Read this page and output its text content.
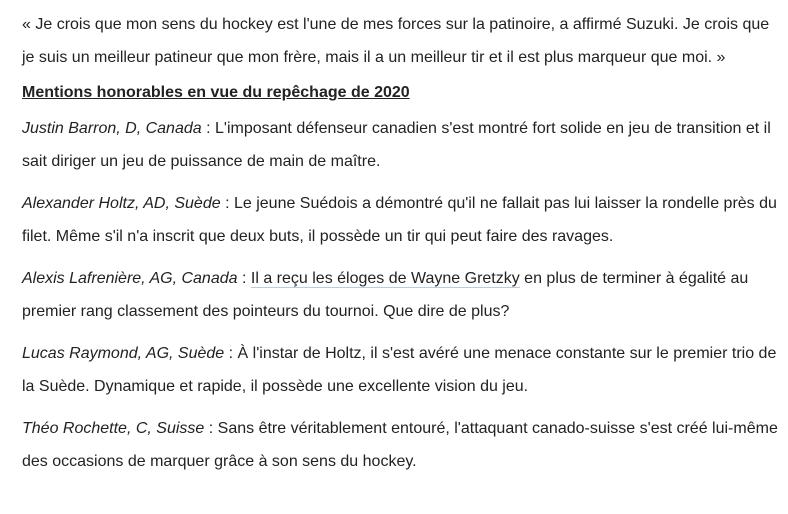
« Je crois que mon sens du hockey est l'une de mes forces sur la patinoire, a affirmé Suzuki. Je crois que je suis un meilleur patineur que mon frère, mais il a un meilleur tir et il est plus marqueur que moi. »

Mentions honorables en vue du repêchage de 2020

Justin Barron, D, Canada : L'imposant défenseur canadien s'est montré fort solide en jeu de transition et il sait diriger un jeu de puissance de main de maître.

Alexander Holtz, AD, Suède : Le jeune Suédois a démontré qu'il ne fallait pas lui laisser la rondelle près du filet. Même s'il n'a inscrit que deux buts, il possède un tir qui peut faire des ravages.

Alexis Lafrenière, AG, Canada : Il a reçu les éloges de Wayne Gretzky en plus de terminer à égalité au premier rang classement des pointeurs du tournoi. Que dire de plus?

Lucas Raymond, AG, Suède : À l'instar de Holtz, il s'est avéré une menace constante sur le premier trio de la Suède. Dynamique et rapide, il possède une excellente vision du jeu.

Théo Rochette, C, Suisse : Sans être véritablement entouré, l'attaquant canado-suisse s'est créé lui-même des occasions de marquer grâce à son sens du hockey.
